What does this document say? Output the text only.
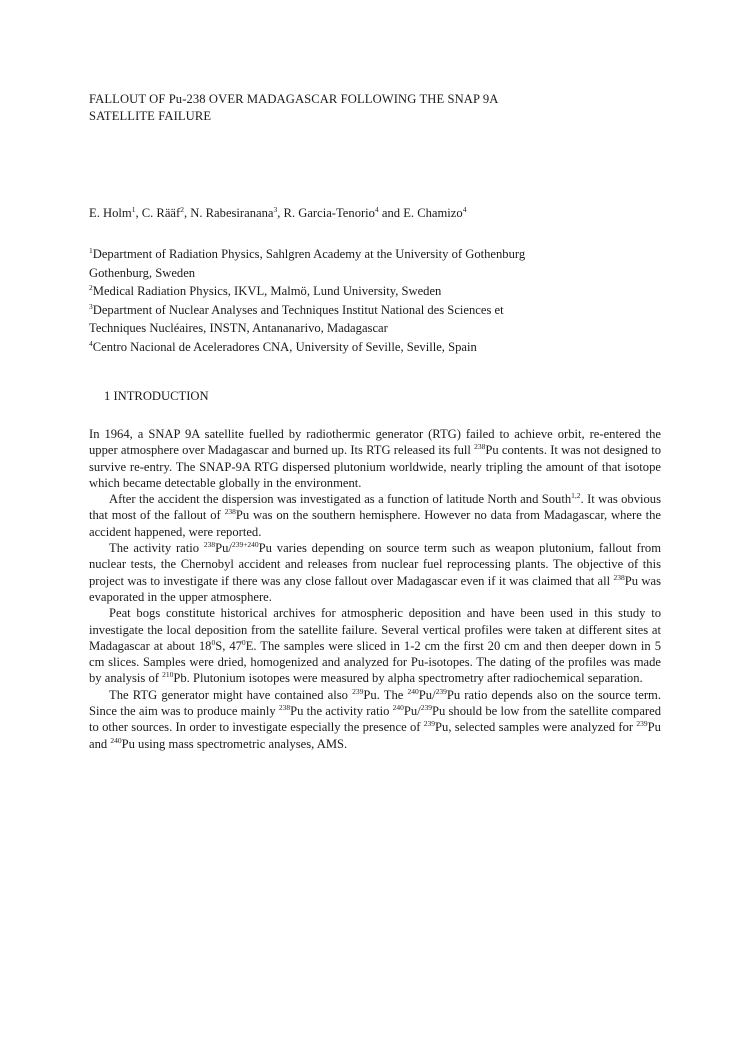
FALLOUT OF Pu-238 OVER MADAGASCAR FOLLOWING THE SNAP 9A
SATELLITE FAILURE
E. Holm$^1$, C. Rääf$^2$, N. Rabesiranana$^3$, R. Garcia-Tenorio$^4$ and E. Chamizo$^4$
$^1$Department of Radiation Physics, Sahlgren Academy at the University of Gothenburg
Gothenburg, Sweden
$^2$Medical Radiation Physics, IKVL, Malmö, Lund University, Sweden
$^3$Department of Nuclear Analyses and Techniques Institut National des Sciences et
Techniques Nucléaires, INSTN, Antananarivo, Madagascar
$^4$Centro Nacional de Aceleradores CNA, University of Seville, Seville, Spain
1 INTRODUCTION

In 1964, a SNAP 9A satellite fuelled by radiothermic generator (RTG) failed to achieve orbit, re-entered the upper atmosphere over Madagascar and burned up. Its RTG released its full $^{238}$Pu contents. It was not designed to survive re-entry. The SNAP-9A RTG dispersed plutonium worldwide, nearly tripling the amount of that isotope which became detectable globally in the environment.

After the accident the dispersion was investigated as a function of latitude North and South$^{1,2}$. It was obvious that most of the fallout of $^{238}$Pu was on the southern hemisphere. However no data from Madagascar, where the accident happened, were reported.

The activity ratio $^{238}$Pu/$^{239+240}$Pu varies depending on source term such as weapon plutonium, fallout from nuclear tests, the Chernobyl accident and releases from nuclear fuel reprocessing plants. The objective of this project was to investigate if there was any close fallout over Madagascar even if it was claimed that all $^{238}$Pu was evaporated in the upper atmosphere.

Peat bogs constitute historical archives for atmospheric deposition and have been used in this study to investigate the local deposition from the satellite failure. Several vertical profiles were taken at different sites at Madagascar at about $18^0S$, $47^0E$. The samples were sliced in 1-2 cm the first 20 cm and then deeper down in 5 cm slices. Samples were dried, homogenized and analyzed for Pu-isotopes. The dating of the profiles was made by analysis of $^{210}$Pb. Plutonium isotopes were measured by alpha spectrometry after radiochemical separation.

The RTG generator might have contained also $^{239}$Pu. The $^{240}$Pu/$^{239}$Pu ratio depends also on the source term. Since the aim was to produce mainly $^{238}$Pu the activity ratio $^{240}$Pu/$^{239}$Pu should be low from the satellite compared to other sources. In order to investigate especially the presence of $^{239}$Pu, selected samples were analyzed for $^{239}$Pu and $^{240}$Pu using mass spectrometric analyses, AMS.
